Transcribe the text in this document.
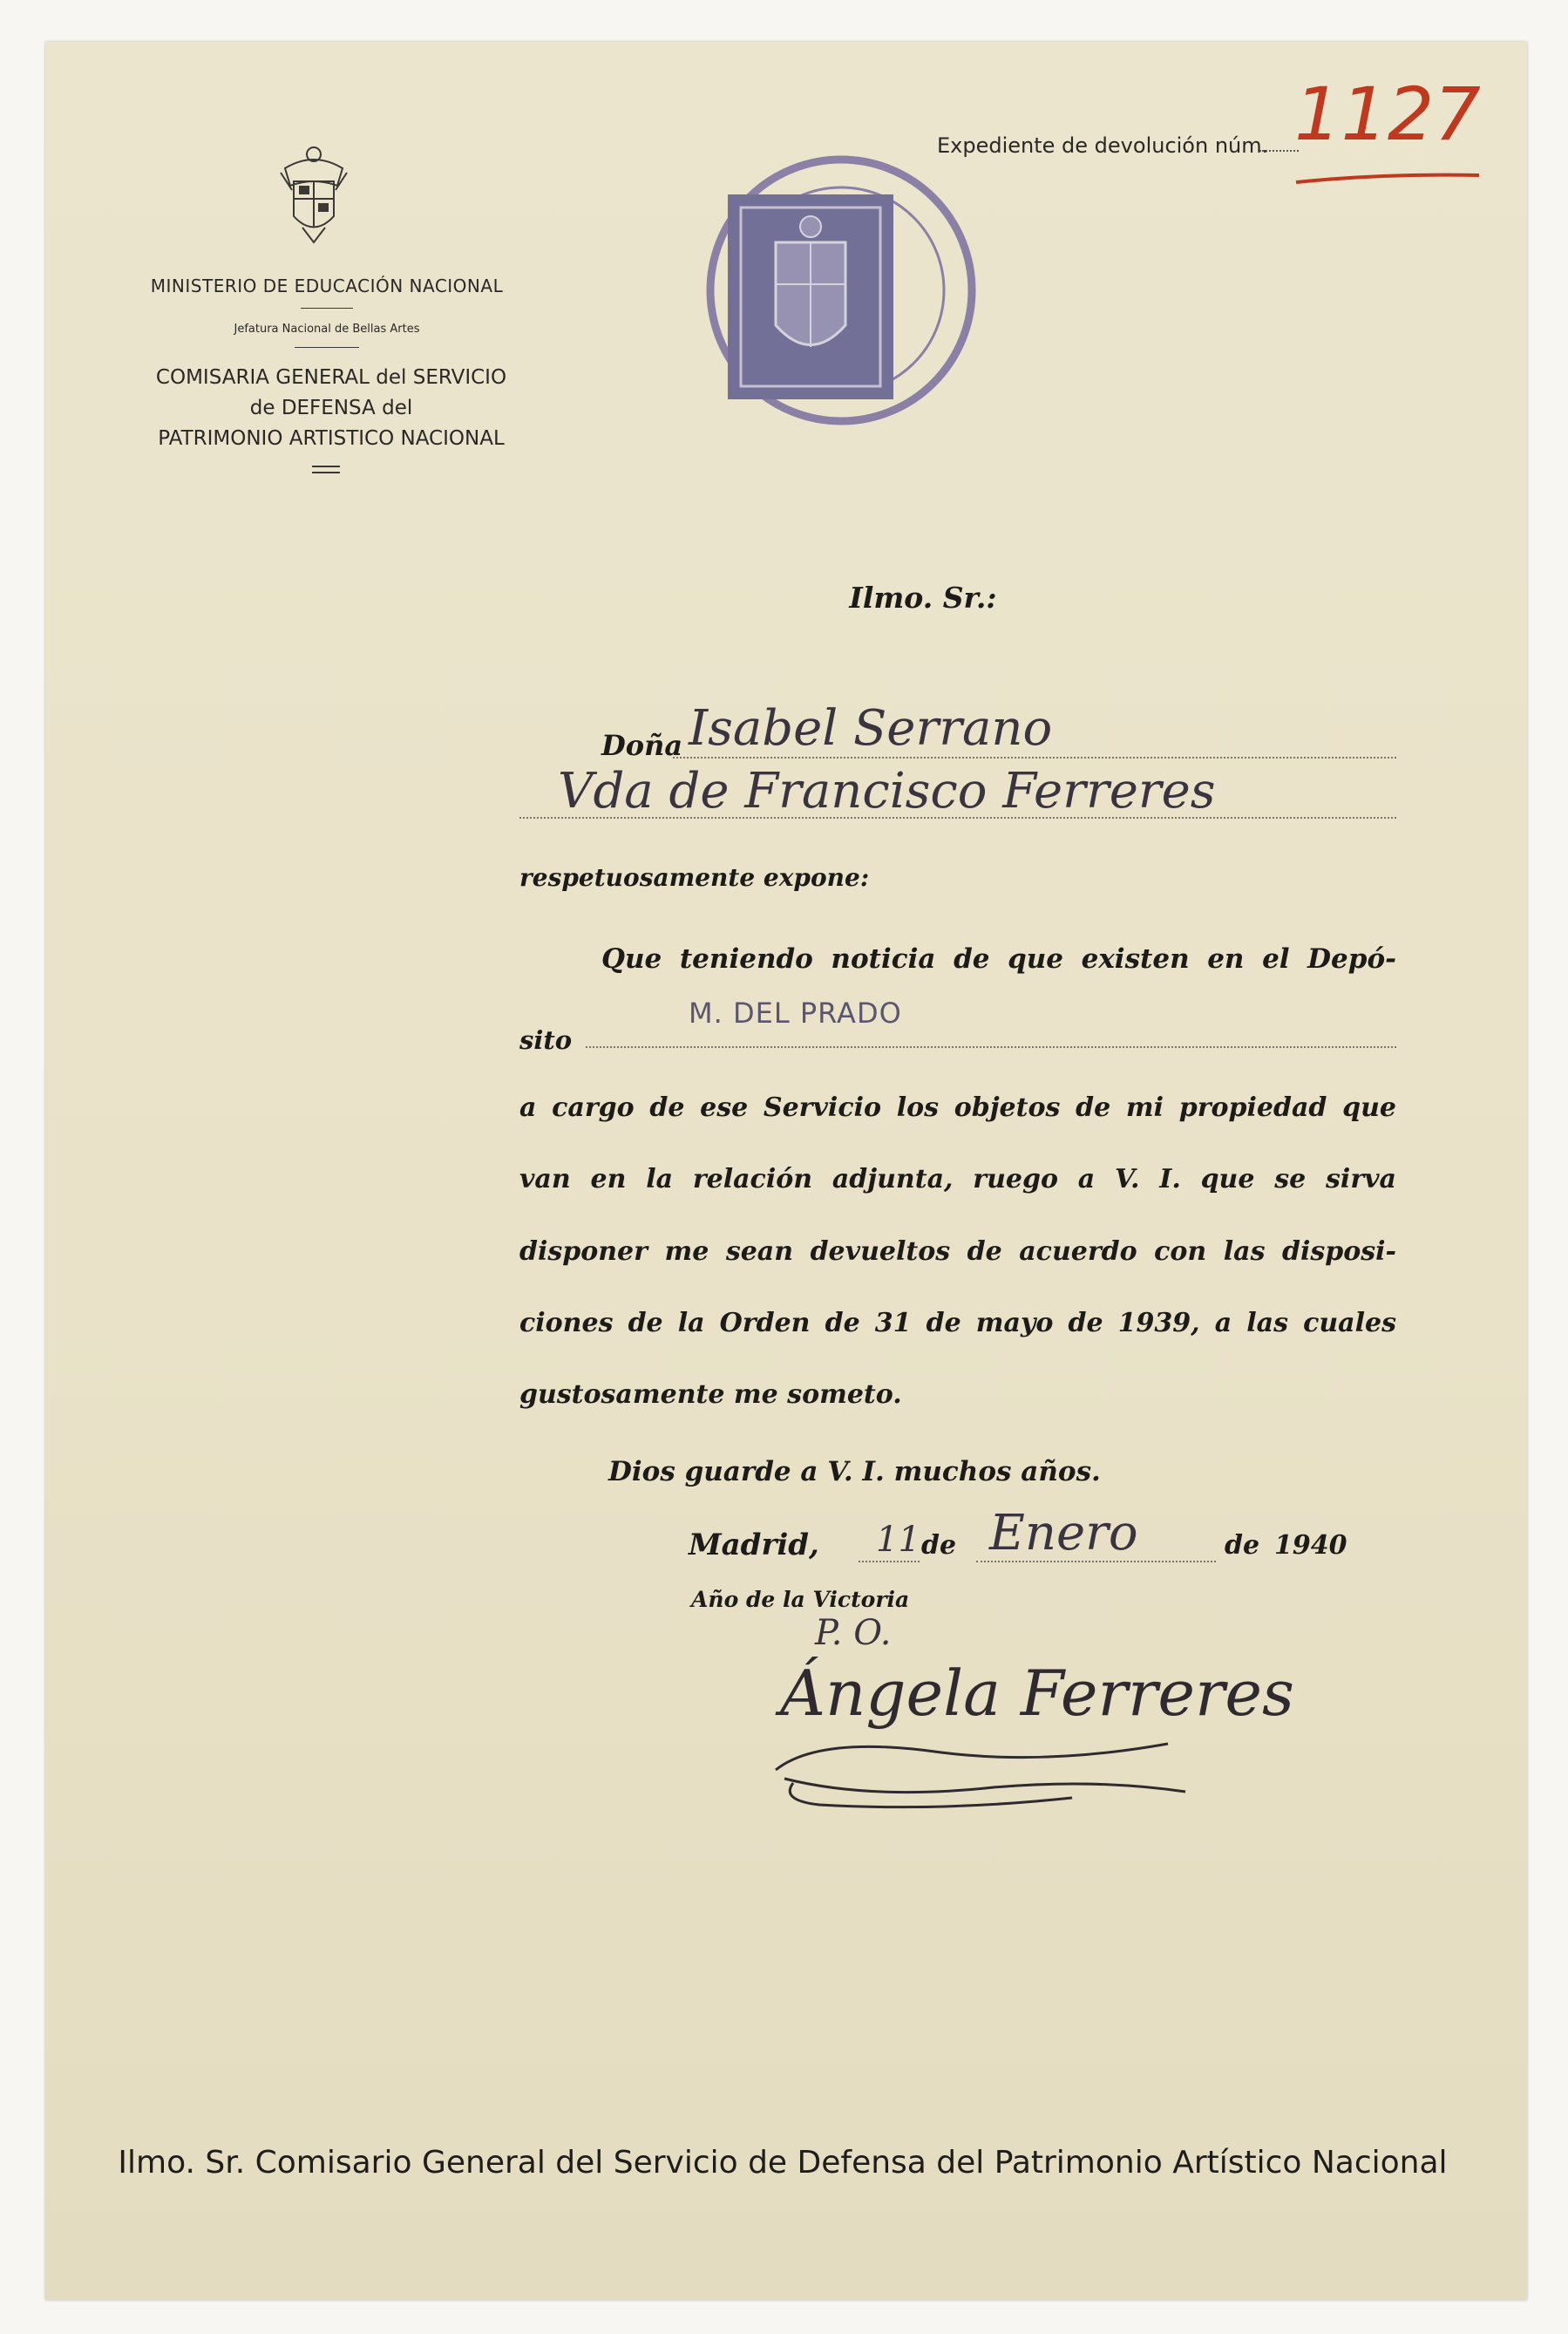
MINISTERIO DE EDUCACIÓN NACIONAL
Jefatura Nacional de Bellas Artes
COMISARIA GENERAL del SERVICIO
de DEFENSA del
PATRIMONIO ARTISTICO NACIONAL
Expediente de devolución núm. 1127
Ilmo. Sr.:
Doña Isabel Serrano
Vda de Francisco Ferreres
respetuosamente expone:
Que teniendo noticia de que existen en el Depó-
sito
M. DEL PRADO
a cargo de ese Servicio los objetos de mi propiedad que
van en la relación adjunta, ruego a V. I. que se sirva
disponer me sean devueltos de acuerdo con las disposi-
ciones de la Orden de 31 de mayo de 1939, a las cuales
gustosamente me someto.
Dios guarde a V. I. muchos años.
Madrid, 11 de Enero	de 1940
Año de la Victoria
P. O.
Ángela Ferreres
Ilmo. Sr. Comisario General del Servicio de Defensa del Patrimonio Artístico Nacional
